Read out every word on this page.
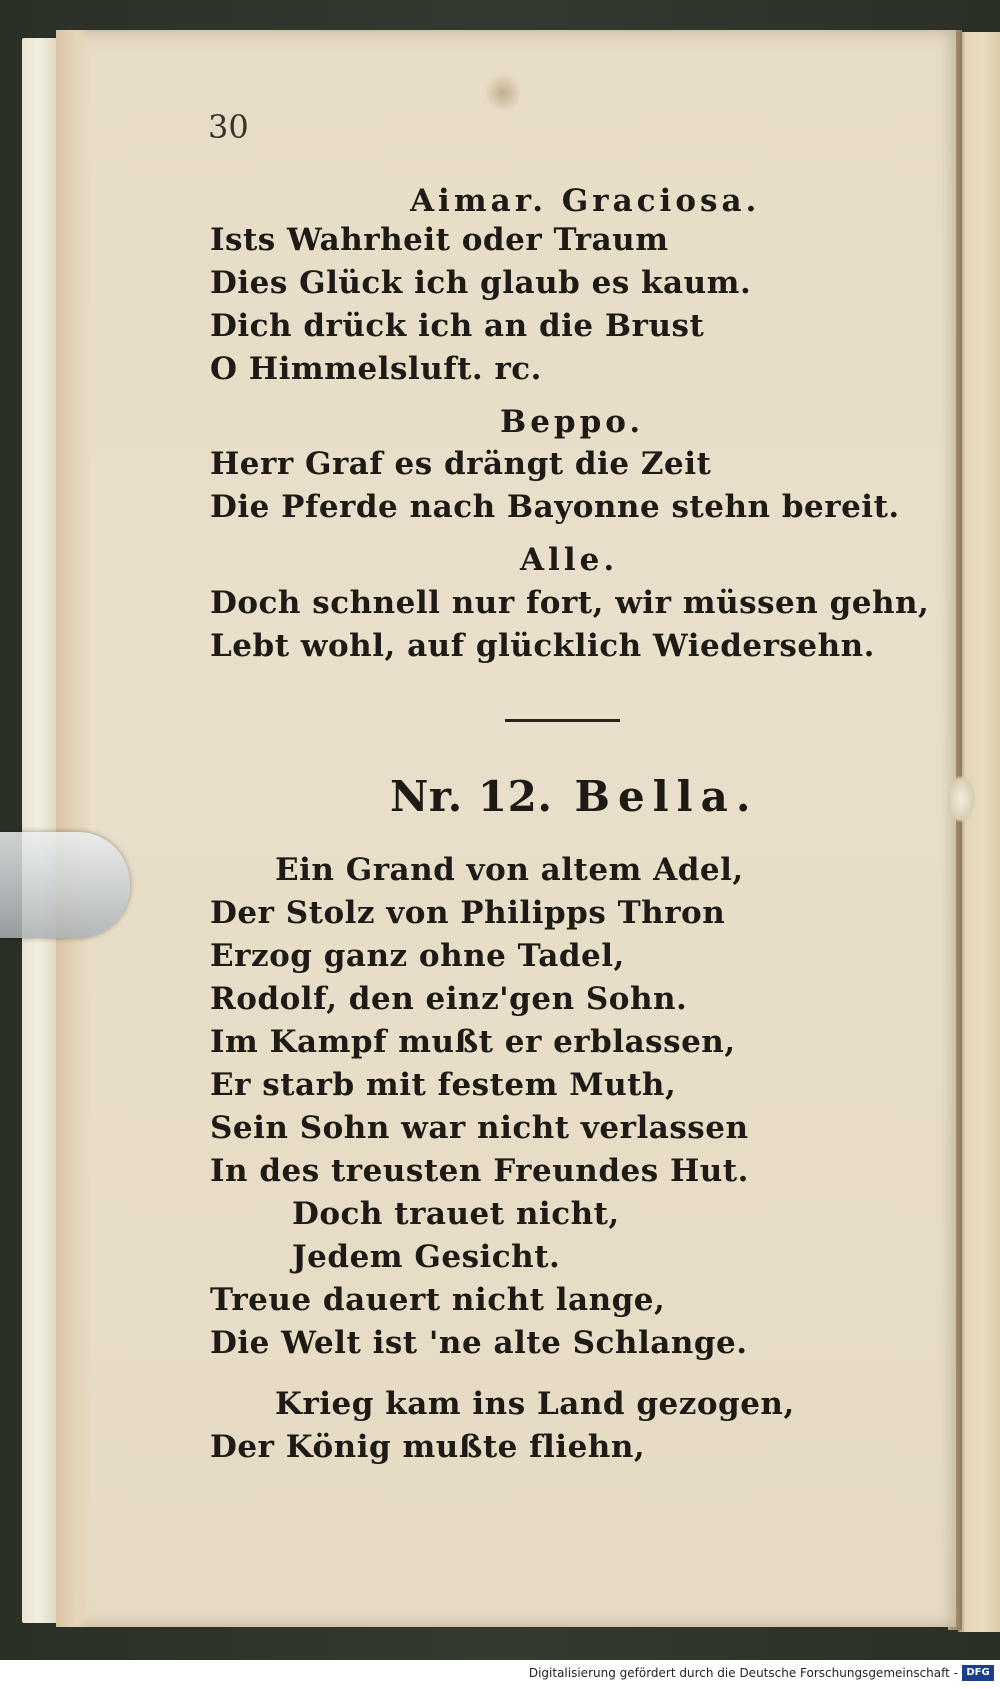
30
Aimar. Graciosa.
Ists Wahrheit oder Traum
Dies Glück ich glaub es kaum.
Dich drück ich an die Brust
O Himmelsluft. rc.
Beppo.
Herr Graf es drängt die Zeit
Die Pferde nach Bayonne stehn bereit.
Alle.
Doch schnell nur fort, wir müssen gehn,
Lebt wohl, auf glücklich Wiedersehn.
Nr. 12. Bella.
Ein Grand von altem Adel,
Der Stolz von Philipps Thron
Erzog ganz ohne Tadel,
Rodolf, den einz'gen Sohn.
Im Kampf mußt er erblassen,
Er starb mit festem Muth,
Sein Sohn war nicht verlassen
In des treusten Freundes Hut.
Doch trauet nicht,
Jedem Gesicht.
Treue dauert nicht lange,
Die Welt ist 'ne alte Schlange.
Krieg kam ins Land gezogen,
Der König mußte fliehn,
Digitalisierung gefördert durch die Deutsche Forschungsgemeinschaft - DFG
